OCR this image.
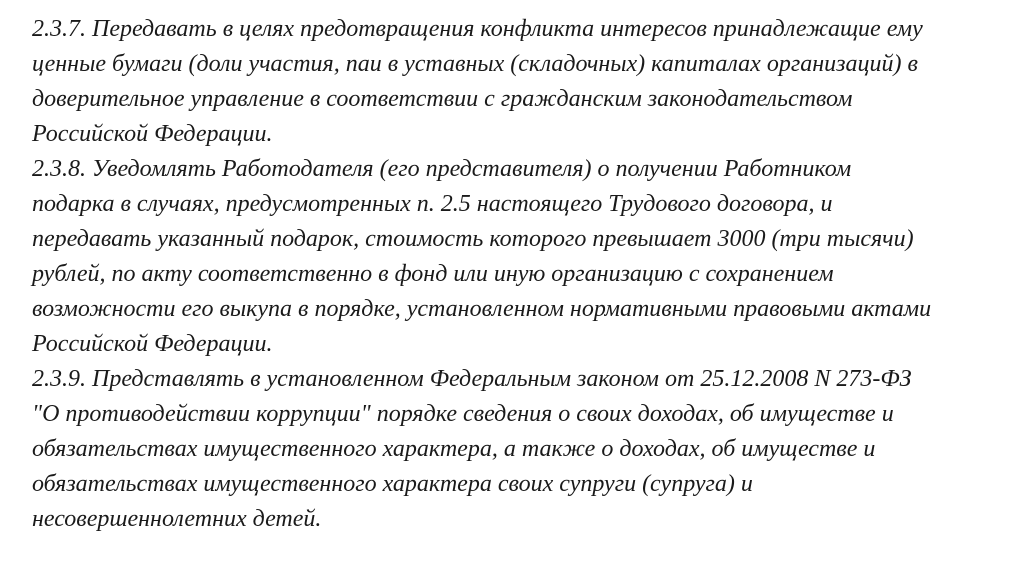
2.3.7. Передавать в целях предотвращения конфликта интересов принадлежащие ему
ценные бумаги (доли участия, паи в уставных (складочных) капиталах организаций) в
доверительное управление в соответствии с гражданским законодательством
Российской Федерации.
2.3.8. Уведомлять Работодателя (его представителя) о получении Работником
подарка в случаях, предусмотренных п. 2.5 настоящего Трудового договора, и
передавать указанный подарок, стоимость которого превышает 3000 (три тысячи)
рублей, по акту соответственно в фонд или иную организацию с сохранением
возможности его выкупа в порядке, установленном нормативными правовыми актами
Российской Федерации.
2.3.9. Представлять в установленном Федеральным законом от 25.12.2008 N 273-ФЗ
"О противодействии коррупции" порядке сведения о своих доходах, об имуществе и
обязательствах имущественного характера, а также о доходах, об имуществе и
обязательствах имущественного характера своих супруги (супруга) и
несовершеннолетних детей.
